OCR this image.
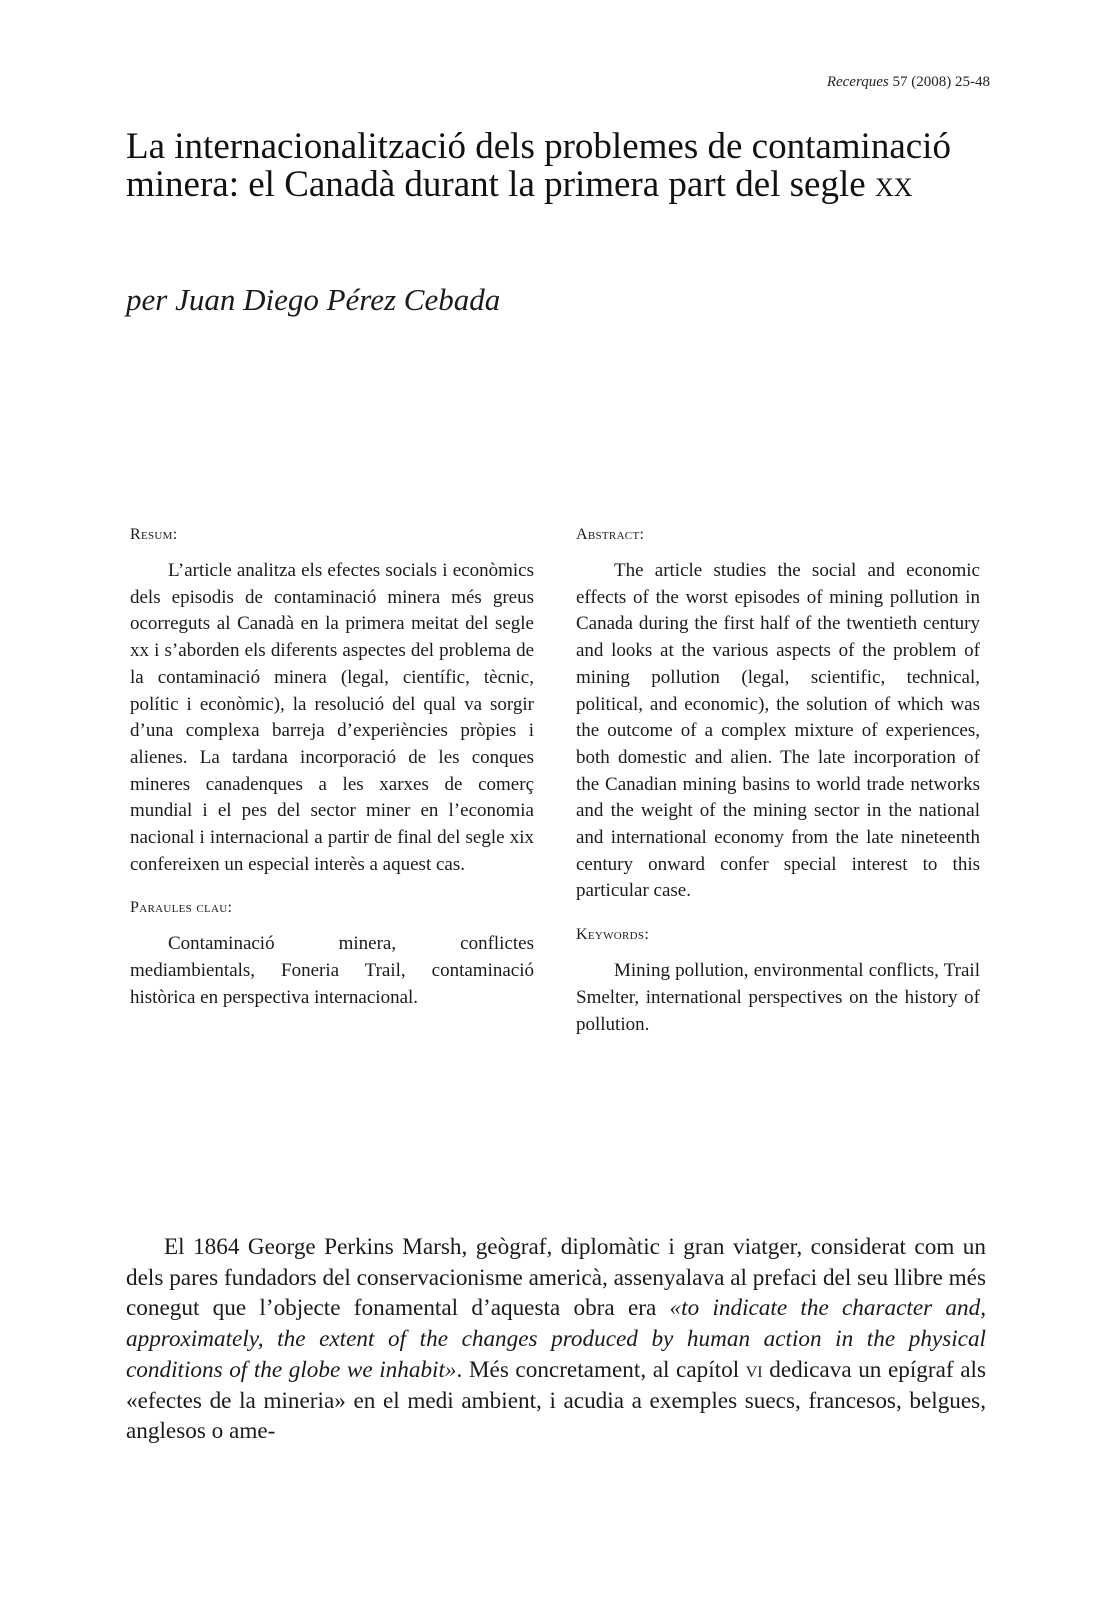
Recerques 57 (2008) 25-48
La internacionalització dels problemes de contaminació minera: el Canadà durant la primera part del segle xx

per Juan Diego Pérez Cebada

Resum:

L’article analitza els efectes socials i econòmics dels episodis de contaminació minera més greus ocorreguts al Canadà en la primera meitat del segle xx i s’aborden els diferents aspectes del problema de la contaminació minera (legal, científic, tècnic, polític i econòmic), la resolució del qual va sorgir d’una complexa barreja d’experiències pròpies i alienes. La tardana incorporació de les conques mineres canadenques a les xarxes de comerç mundial i el pes del sector miner en l’economia nacional i internacional a partir de final del segle xix confereixen un especial interès a aquest cas.

Paraules clau:

Contaminació minera, conflictes mediambientals, Foneria Trail, contaminació històrica en perspectiva internacional.

Abstract:

The article studies the social and economic effects of the worst episodes of mining pollution in Canada during the first half of the twentieth century and looks at the various aspects of the problem of mining pollution (legal, scientific, technical, political, and economic), the solution of which was the outcome of a complex mixture of experiences, both domestic and alien. The late incorporation of the Canadian mining basins to world trade networks and the weight of the mining sector in the national and international economy from the late nineteenth century onward confer special interest to this particular case.

Keywords:

Mining pollution, environmental conflicts, Trail Smelter, international perspectives on the history of pollution.

El 1864 George Perkins Marsh, geògraf, diplomàtic i gran viatger, considerat com un dels pares fundadors del conservacionisme americà, assenyalava al prefaci del seu llibre més conegut que l’objecte fonamental d’aquesta obra era «to indicate the character and, approximately, the extent of the changes produced by human action in the physical conditions of the globe we inhabit». Més concretament, al capítol vi dedicava un epígraf als «efectes de la mineria» en el medi ambient, i acudia a exemples suecs, francesos, belgues, anglesos o ame-
